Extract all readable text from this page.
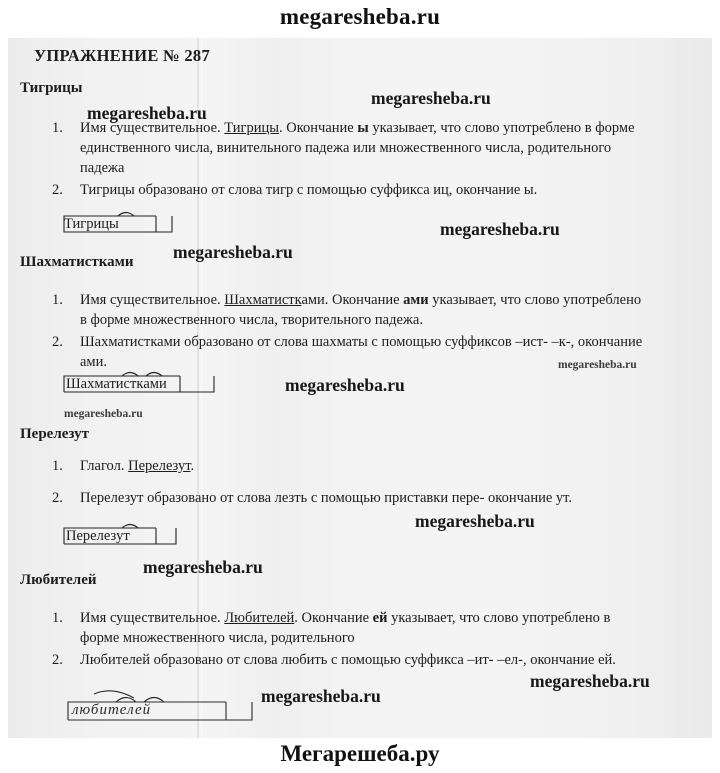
megaresheba.ru
УПРАЖНЕНИЕ № 287
Тигрицы
1. Имя существительное. Тигрицы. Окончание ы указывает, что слово употреблено в форме единственного числа, винительного падежа или множественного числа, родительного падежа
2. Тигрицы образовано от слова тигр с помощью суффикса иц, окончание ы.
Тигрицы
Шахматистками
1. Имя существительное. Шахматистками. Окончание ами указывает, что слово употреблено в форме множественного числа, творительного падежа.
2. Шахматистками образовано от слова шахматы с помощью суффиксов –ист- –к-, окончание ами.
Шахматистками
Перелезут
1. Глагол. Перелезут.
2. Перелезут образовано от слова лезть с помощью приставки пере- окончание ут.
Перелезут
Любителей
1. Имя существительное. Любителей. Окончание ей указывает, что слово употреблено в форме множественного числа, родительного
2. Любителей образовано от слова любить с помощью суффикса –ит- –ел-, окончание ей.
любителей
megaresheba.ru
megaresheba.ru
megaresheba.ru
megaresheba.ru
megaresheba.ru
megaresheba.ru
megaresheba.ru
megaresheba.ru
megaresheba.ru
megaresheba.ru
megaresheba.ru
Мегарешеба.ру
